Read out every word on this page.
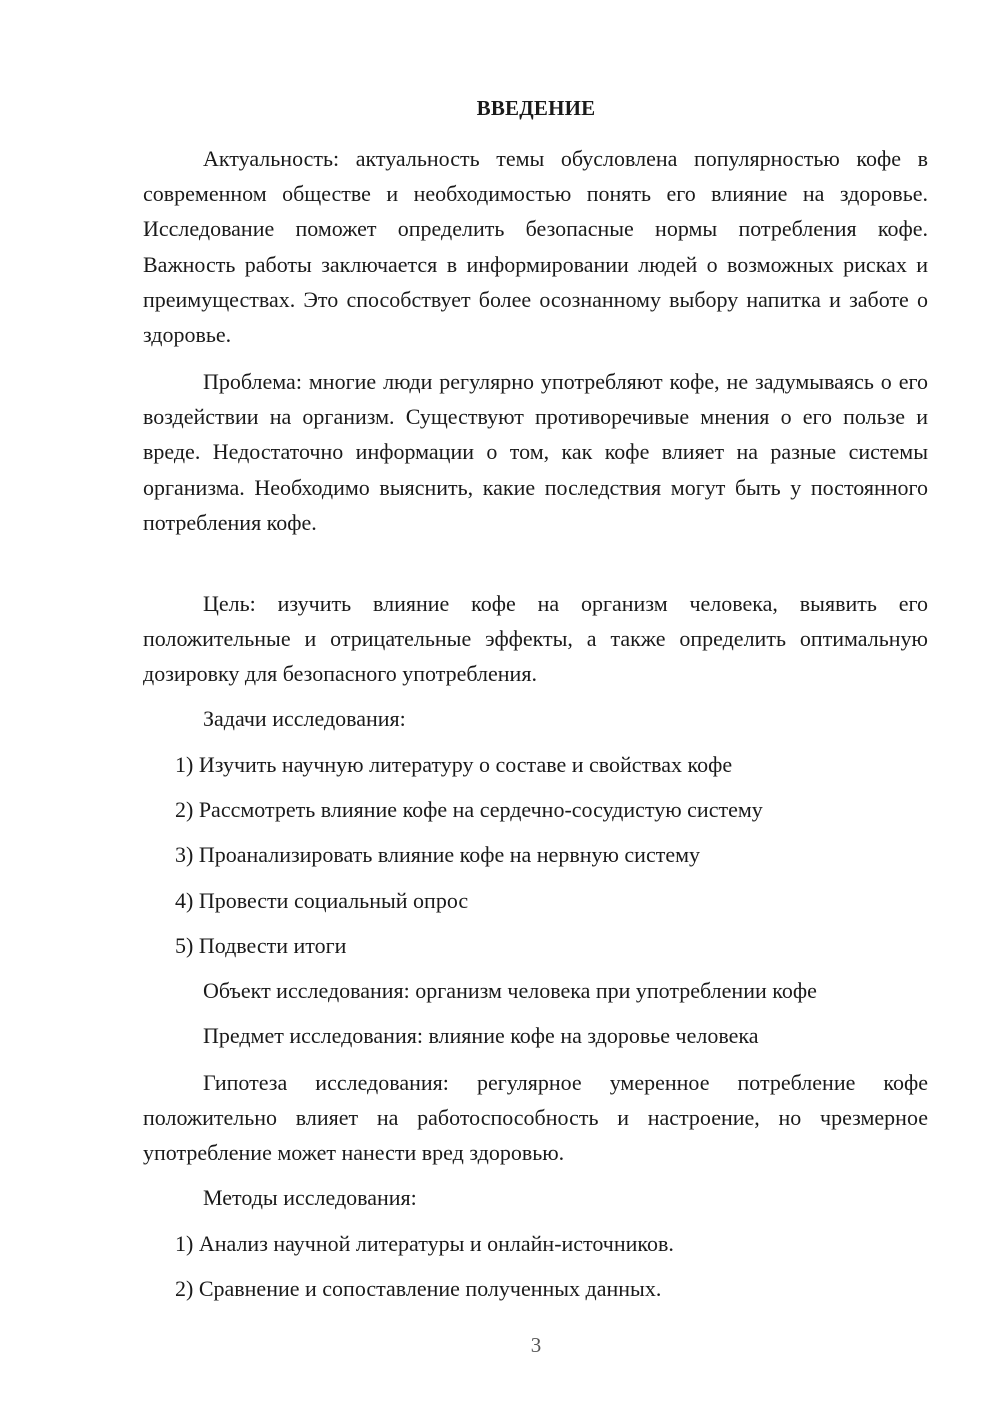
ВВЕДЕНИЕ

Актуальность: актуальность темы обусловлена популярностью кофе в современном обществе и необходимостью понять его влияние на здоровье. Исследование поможет определить безопасные нормы потребления кофе. Важность работы заключается в информировании людей о возможных рисках и преимуществах. Это способствует более осознанному выбору напитка и заботе о здоровье.

Проблема: многие люди регулярно употребляют кофе, не задумываясь о его воздействии на организм. Существуют противоречивые мнения о его пользе и вреде. Недостаточно информации о том, как кофе влияет на разные системы организма. Необходимо выяснить, какие последствия могут быть у постоянного потребления кофе.

Цель: изучить влияние кофе на организм человека, выявить его положительные и отрицательные эффекты, а также определить оптимальную дозировку для безопасного употребления.

Задачи исследования:
1) Изучить научную литературу о составе и свойствах кофе
2) Рассмотреть влияние кофе на сердечно-сосудистую систему
3) Проанализировать влияние кофе на нервную систему
4) Провести социальный опрос
5) Подвести итоги
Объект исследования: организм человека при употреблении кофе
Предмет исследования: влияние кофе на здоровье человека

Гипотеза исследования: регулярное умеренное потребление кофе положительно влияет на работоспособность и настроение, но чрезмерное употребление может нанести вред здоровью.

Методы исследования:
1) Анализ научной литературы и онлайн-источников.
2) Сравнение и сопоставление полученных данных.
3
